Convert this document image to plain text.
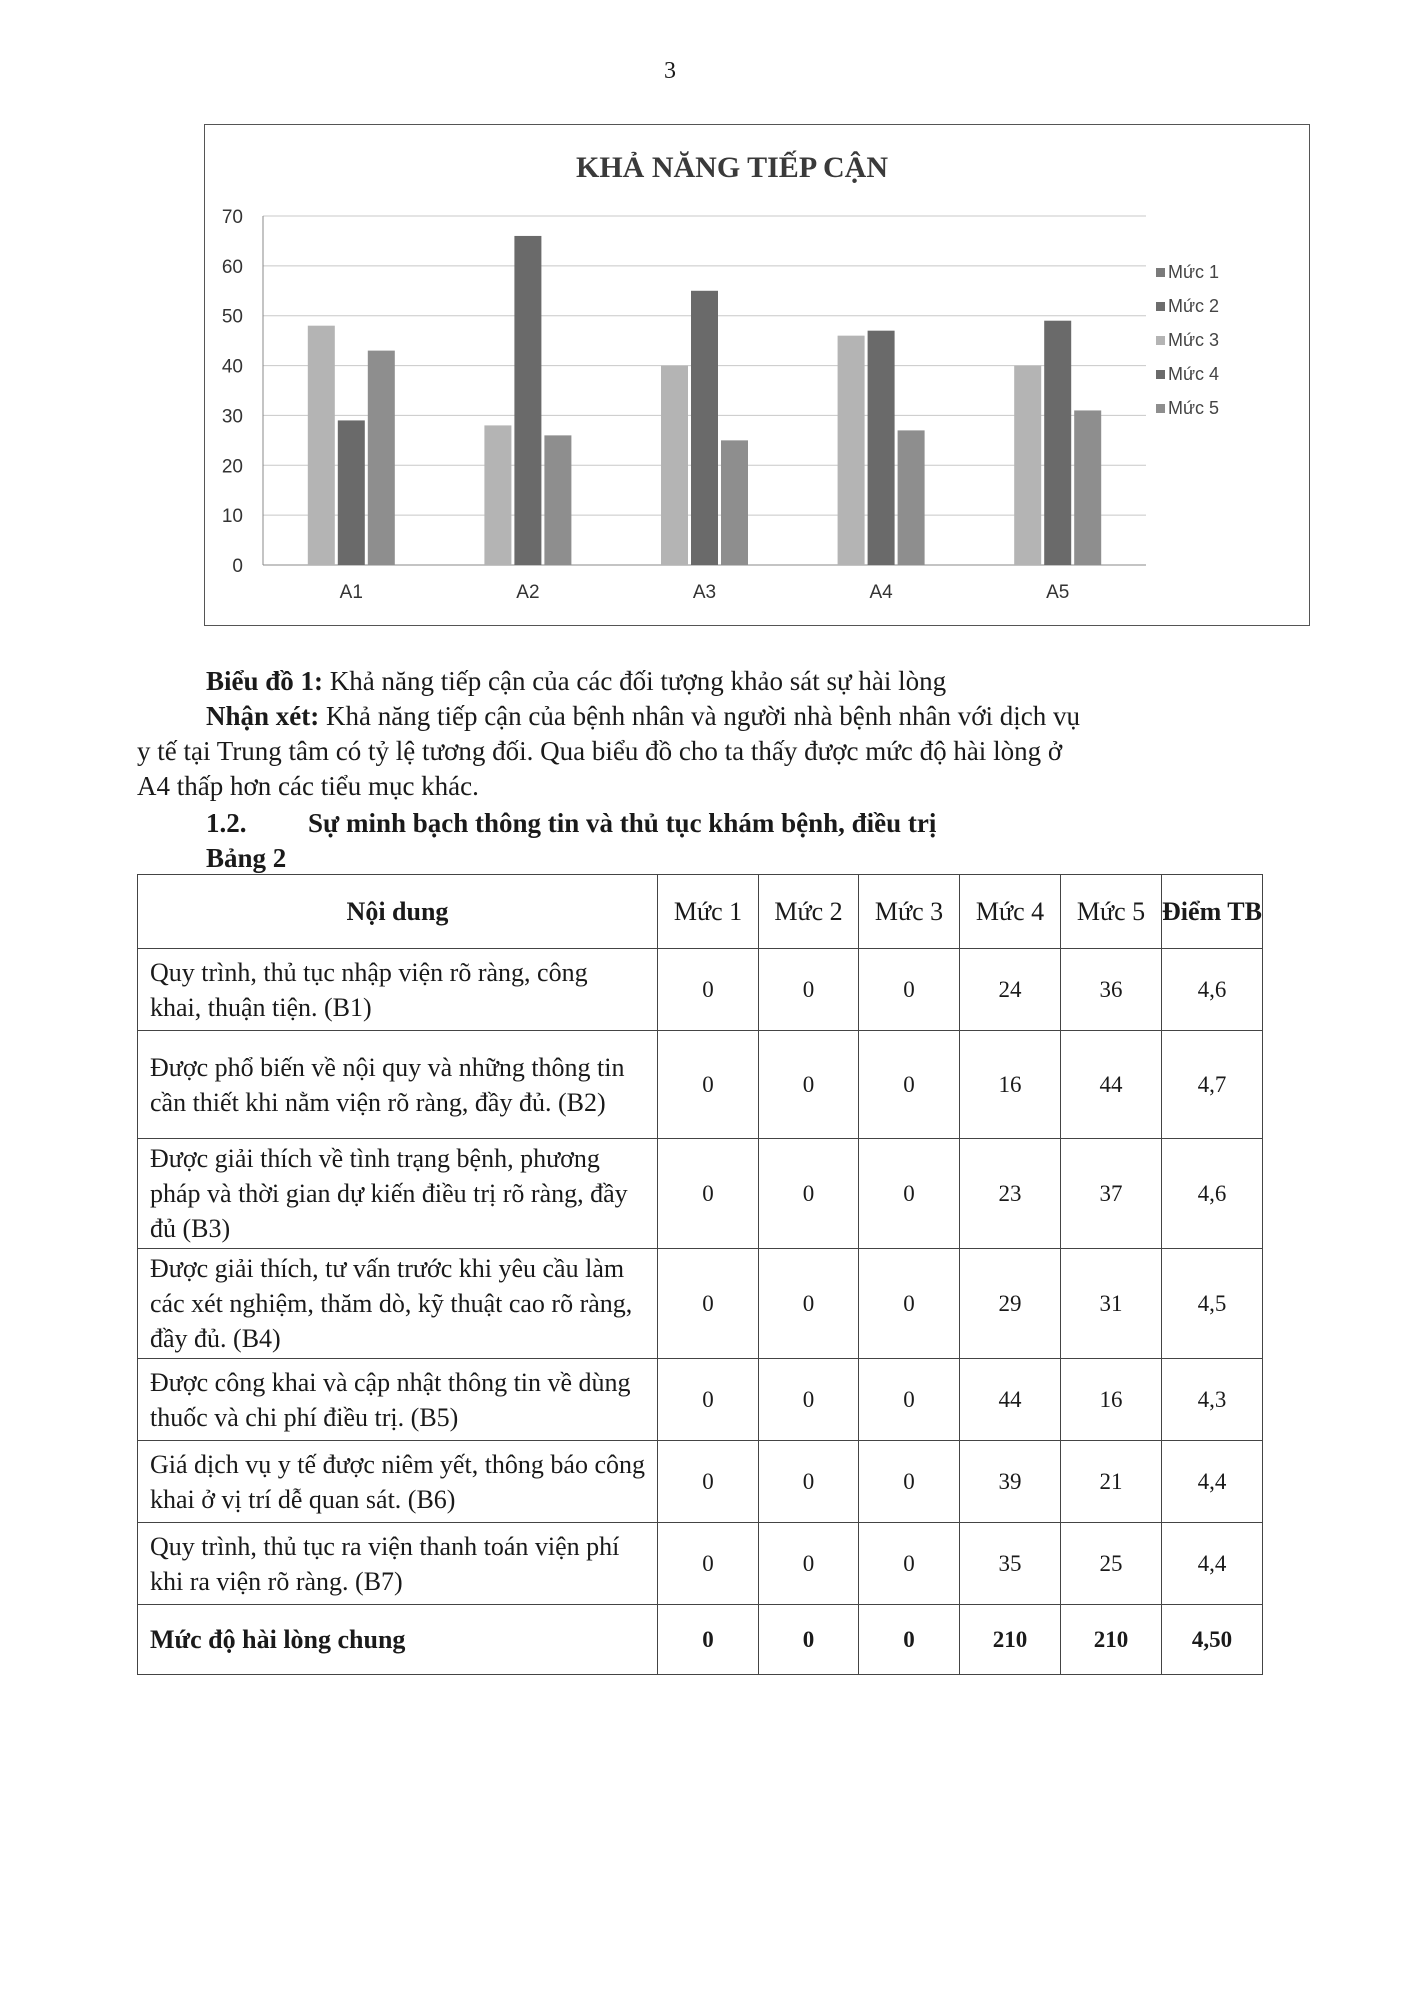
3
KHẢ NĂNG TIẾP CẬN
0
10
20
30
40
50
60
70
A1	A2	A3	A4	A5
Mức 1
Mức 2
Mức 3
Mức 4
Mức 5
Biểu đồ 1: Khả năng tiếp cận của các đối tượng khảo sát sự hài lòng
Nhận xét: Khả năng tiếp cận của bệnh nhân và người nhà bệnh nhân với dịch vụ
y tế tại Trung tâm có tỷ lệ tương đối. Qua biểu đồ cho ta thấy được mức độ hài lòng ở
A4 thấp hơn các tiểu mục khác.
1.2. Sự minh bạch thông tin và thủ tục khám bệnh, điều trị
Bảng 2
Nội dung	Mức 1	Mức 2	Mức 3	Mức 4	Mức 5	Điểm TB
Quy trình, thủ tục nhập viện rõ ràng, công khai, thuận tiện. (B1)	0	0	0	24	36	4,6
Được phổ biến về nội quy và những thông tin cần thiết khi nằm viện rõ ràng, đầy đủ. (B2)	0	0	0	16	44	4,7
Được giải thích về tình trạng bệnh, phương pháp và thời gian dự kiến điều trị rõ ràng, đầy đủ (B3)	0	0	0	23	37	4,6
Được giải thích, tư vấn trước khi yêu cầu làm các xét nghiệm, thăm dò, kỹ thuật cao rõ ràng, đầy đủ. (B4)	0	0	0	29	31	4,5
Được công khai và cập nhật thông tin về dùng thuốc và chi phí điều trị. (B5)	0	0	0	44	16	4,3
Giá dịch vụ y tế được niêm yết, thông báo công khai ở vị trí dễ quan sát. (B6)	0	0	0	39	21	4,4
Quy trình, thủ tục ra viện thanh toán viện phí khi ra viện rõ ràng. (B7)	0	0	0	35	25	4,4
Mức độ hài lòng chung	0	0	0	210	210	4,50
